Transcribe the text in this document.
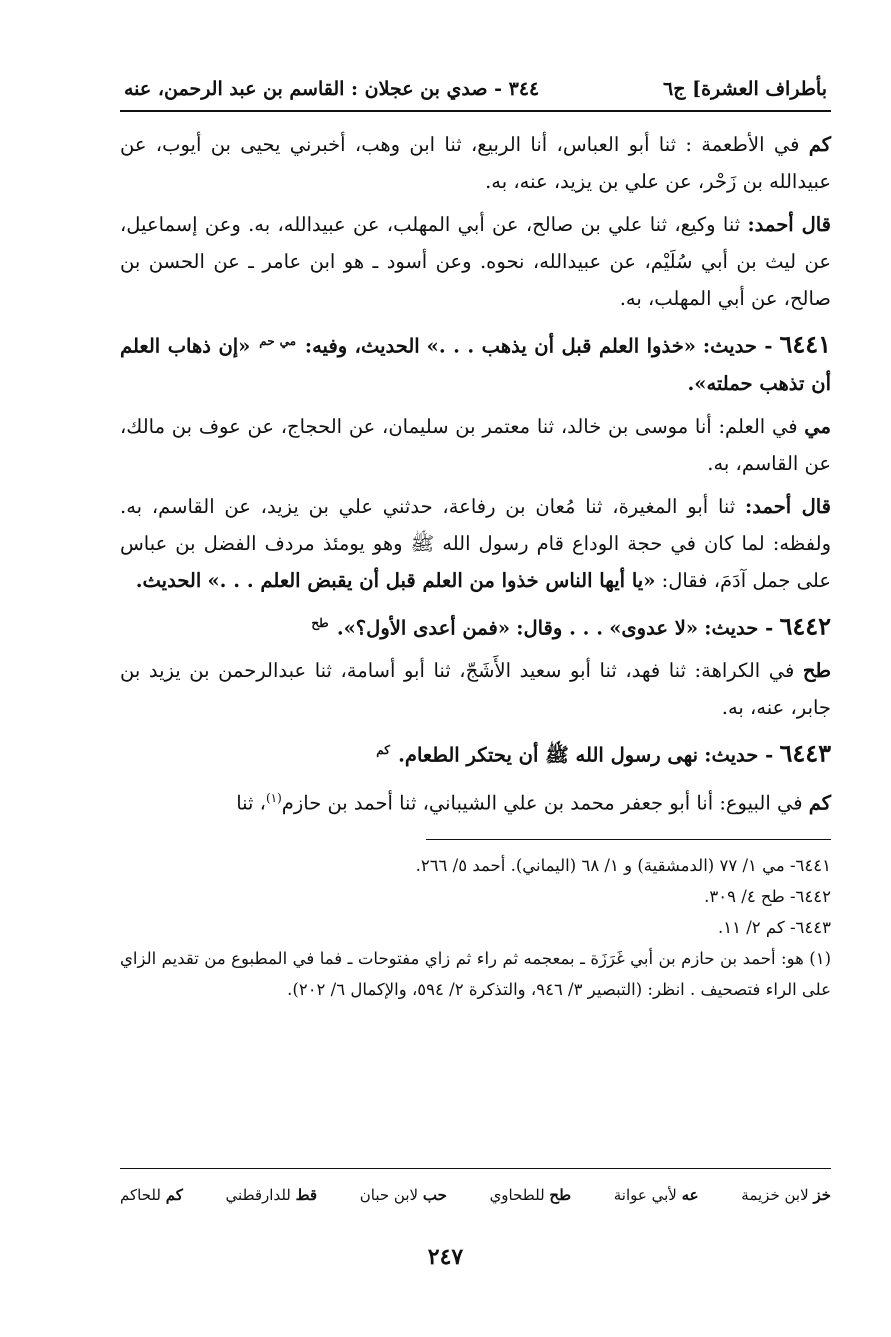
بأطراف العشرة] ج٦
٣٤٤ - صدي بن عجلان : القاسم بن عبد الرحمن، عنه

كم في الأطعمة : ثنا أبو العباس، أنا الربيع، ثنا ابن وهب، أخبرني يحيى بن أيوب، عن عبيدالله بن زَحْر، عن علي بن يزيد، عنه، به.

قال أحمد: ثنا وكيع، ثنا علي بن صالح، عن أبي المهلب، عن عبيدالله، به. وعن إسماعيل، عن ليث بن أبي سُلَيْم، عن عبيدالله، نحوه. وعن أسود ـ هو ابن عامر ـ عن الحسن بن صالح، عن أبي المهلب، به.

٦٤٤١ - حديث: «خذوا العلم قبل أن يذهب . . .» الحديث، وفيه: $^{مي حم}$ «إن ذهاب العلم أن تذهب حملته».

مي في العلم: أنا موسى بن خالد، ثنا معتمر بن سليمان، عن الحجاج، عن عوف بن مالك، عن القاسم، به.

قال أحمد: ثنا أبو المغيرة، ثنا مُعان بن رفاعة، حدثني علي بن يزيد، عن القاسم، به. ولفظه: لما كان في حجة الوداع قام رسول الله ﷺ وهو يومئذ مردف الفضل بن عباس على جمل آدَمَ، فقال: «يا أيها الناس خذوا من العلم قبل أن يقبض العلم . . .» الحديث.

٦٤٤٢ - حديث: «لا عدوى» . . . وقال: «فمن أعدى الأول؟». $^{طح}$

طح في الكراهة: ثنا فهد، ثنا أبو سعيد الأَشَجّ، ثنا أبو أسامة، ثنا عبدالرحمن بن يزيد بن جابر، عنه، به.

٦٤٤٣ - حديث: نهى رسول الله ﷺ أن يحتكر الطعام. $^{كم}$

كم في البيوع: أنا أبو جعفر محمد بن علي الشيباني، ثنا أحمد بن حازم$^{(١)}$، ثنا

٦٤٤١- مي ١/ ٧٧ (الدمشقية) و ١/ ٦٨ (اليماني). أحمد ٥/ ٢٦٦.

٦٤٤٢- طح ٤/ ٣٠٩.

٦٤٤٣- كم ٢/ ١١.

(١) هو: أحمد بن حازم بن أبي غَرَزَة ـ بمعجمه ثم راء ثم زاي مفتوحات ـ فما في المطبوع من تقديم الزاي على الراء فتصحيف . انظر: (التبصير ٣/ ٩٤٦، والتذكرة ٢/ ٥٩٤، والإكمال ٦/ ٢٠٢).

خز لابن خزيمة
عه لأبي عوانة
طح للطحاوي
حب لابن حبان
قط للدارقطني
كم للحاكم
٢٤٧
